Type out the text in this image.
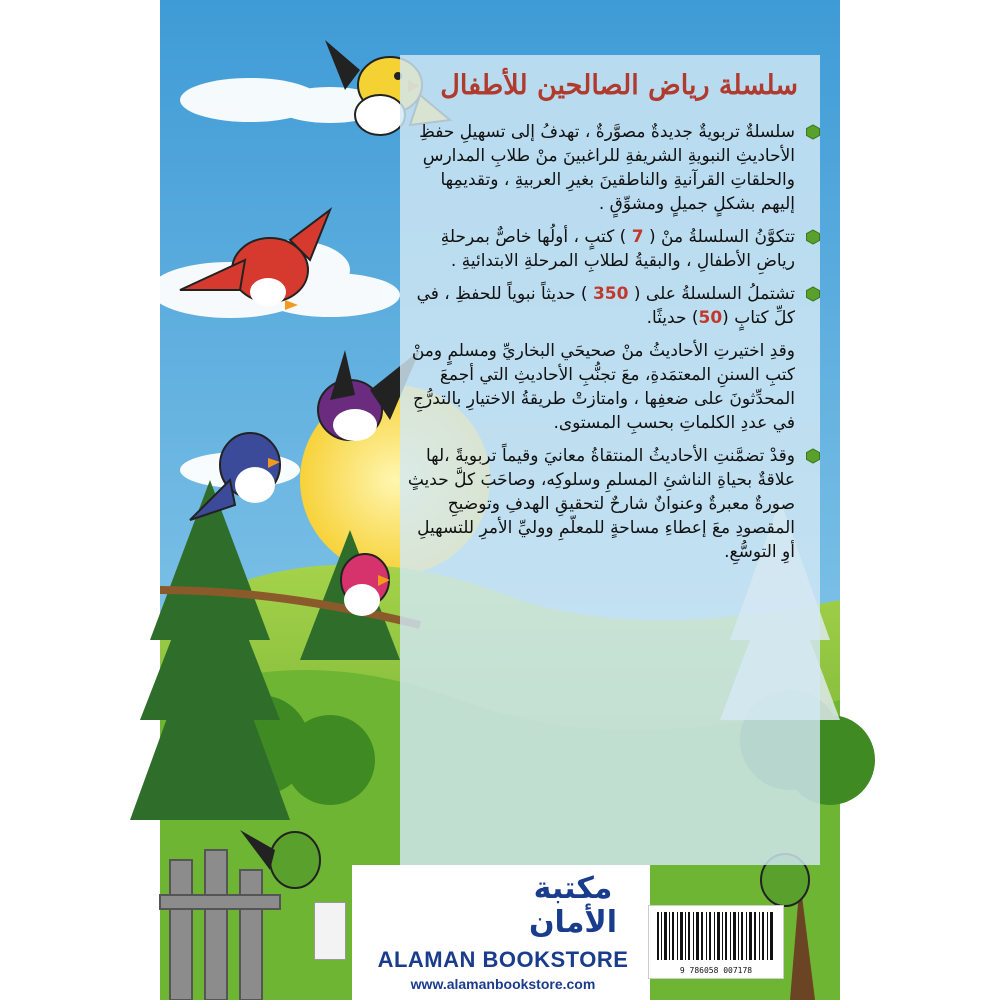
سلسلة رياض الصالحين للأطفال
سلسلةٌ تربويةٌ جديدةٌ مصوَّرةٌ ، تهدفُ إلى تسهيلِ حفظِ الأحاديثِ النبويةِ الشريفةِ للراغبينَ منْ طلابِ المدارسِ والحلقاتِ القرآنيةِ والناطقينَ بغيرِ العربيةِ ، وتقديمِها إليهم بشكلٍ جميلٍ ومشوِّقٍ .
تتكوَّنُ السلسلةُ منْ ( 7 ) كتبٍ ، أولُها خاصٌّ بمرحلةِ رياضِ الأطفالِ ، والبقيةُ لطلابِ المرحلةِ الابتدائيةِ .
تشتملُ السلسلةُ على ( 350 ) حديثاً نبوياً للحفظِ ، في كلِّ كتابٍ (50) حديثًا.
وقدِ اختيرتِ الأحاديثُ منْ صحيحَي البخاريِّ ومسلمٍ ومنْ كتبِ السننِ المعتمَدةِ، معَ تجنُّبِ الأحاديثِ التي أجمعَ المحدِّثونَ على ضعفِها ، وامتازتْ طريقةُ الاختيارِ بالتدرُّجِ في عددِ الكلماتِ بحسبِ المستوى.
وقدْ تضمَّنتِ الأحاديثُ المنتقاةُ معانيَ وقيماً تربويةً ،لها علاقةٌ بحياةِ الناشئِ المسلمِ وسلوكِه، وصاحَبَ كلَّ حديثٍ صورةٌ معبرةٌ وعنوانٌ شارحٌ لتحقيقِ الهدفِ وتوضيحِ المقصودِ معَ إعطاءِ مساحةٍ للمعلّمِ ووليِّ الأمرِ للتسهيلِ أوِ التوسُّعِ.
مكتبة
الأمان
ALAMAN BOOKSTORE
www.alamanbookstore.com
9 786058 007178
